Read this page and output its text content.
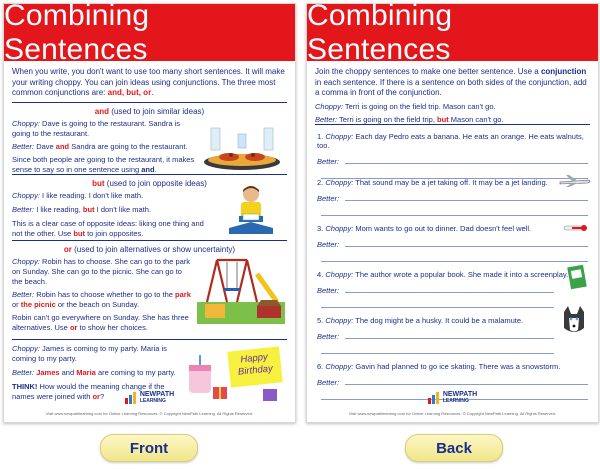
Combining Sentences
When you write, you don't want to use too many short sentences. It will make your writing choppy. You can join ideas using conjunctions. The three most common conjunctions are: and, but, or.
and (used to join similar ideas)
Choppy: Dave is going to the restaurant. Sandra is going to the restaurant.
Better: Dave and Sandra are going to the restaurant.
Since both people are going to the restaurant, it makes sense to say so in one sentence using and.
but (used to join opposite ideas)
Choppy: I like reading. I don't like math.
Better: I like reading, but I don't like math.
This is a clear case of opposite ideas: liking one thing and not the other. Use but to join opposites.
or (used to join alternatives or show uncertainty)
Choppy: Robin has to choose. She can go to the park on Sunday. She can go to the picnic. She can go to the beach.
Better: Robin has to choose whether to go to the park or the picnic or the beach on Sunday.
Robin can't go everywhere on Sunday. She has three alternatives. Use or to show her choices.
Choppy: James is coming to my party. Maria is coming to my party.
Better: James and Maria are coming to my party.
THINK! How would the meaning change if the names were joined with or?
Happy
Birthday
NEWPATH
LEARNING
Visit www.newpathlearning.com for Online Learning Resources. © Copyright NewPath Learning. All Rights Reserved.
Combining Sentences
Join the choppy sentences to make one better sentence. Use a conjunction in each sentence. If there is a sentence on both sides of the conjunction, add a comma in front of the conjunction.
Choppy: Terri is going on the field trip. Mason can't go.
Better: Terri is going on the field trip, but Mason can't go.
1. Choppy: Each day Pedro eats a banana. He eats an orange. He eats walnuts, too.
Better:
2. Choppy: That sound may be a jet taking off. It may be a jet landing.
Better:
3. Choppy: Mom wants to go out to dinner. Dad doesn't feel well.
Better:
4. Choppy: The author wrote a popular book. She made it into a screenplay.
Better:
5. Choppy: The dog might be a husky. It could be a malamute.
Better:
6. Choppy: Gavin had planned to go ice skating. There was a snowstorm.
Better:
NEWPATH
LEARNING
Visit www.newpathlearning.com for Online Learning Resources. © Copyright NewPath Learning. All Rights Reserved.
Front	Back
